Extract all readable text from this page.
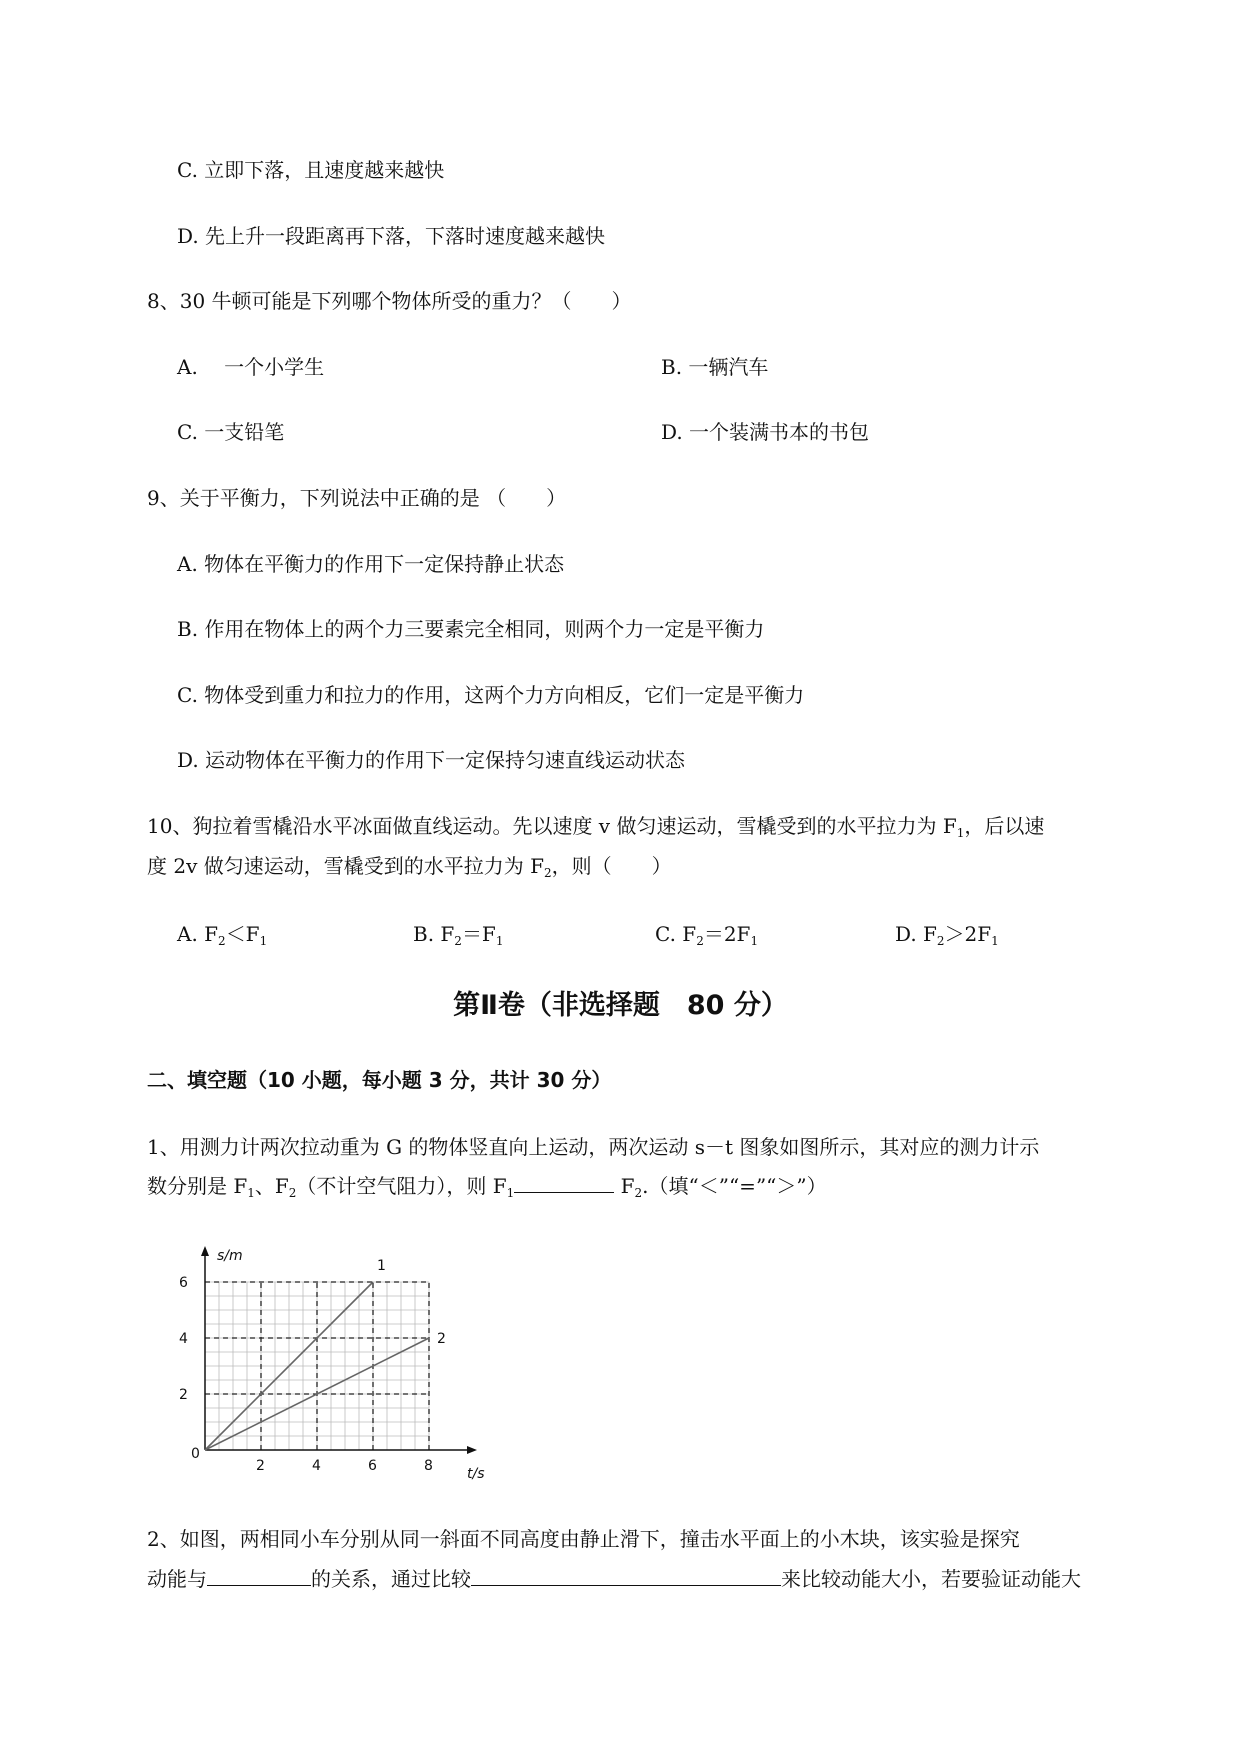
C. 立即下落，且速度越来越快
D. 先上升一段距离再下落，下落时速度越来越快
8、30 牛顿可能是下列哪个物体所受的重力？（　　）
A.　 一个小学生	B. 一辆汽车
C. 一支铅笔	D. 一个装满书本的书包
9、关于平衡力，下列说法中正确的是 （　　）
A. 物体在平衡力的作用下一定保持静止状态
B. 作用在物体上的两个力三要素完全相同，则两个力一定是平衡力
C. 物体受到重力和拉力的作用，这两个力方向相反，它们一定是平衡力
D. 运动物体在平衡力的作用下一定保持匀速直线运动状态
10、狗拉着雪橇沿水平冰面做直线运动。先以速度 v 做匀速运动，雪橇受到的水平拉力为 $F_1$，后以速
度 2v 做匀速运动，雪橇受到的水平拉力为 $F_2$，则（　　）
A. $F_2<F_1$	B. $F_2=F_1$	C. $F_2=2F_1$	D. $F_2>2F_1$
第Ⅱ卷（非选择题　80 分）
二、填空题（10 小题，每小题 3 分，共计 30 分）
1、用测力计两次拉动重为 G 的物体竖直向上运动，两次运动 s－t 图象如图所示，其对应的测力计示
数分别是 $F_1$、$F_2$（不计空气阻力），则 $F_1$	$F_2$.（填“＜”“=”“＞”）
0
2	4	6	8
2
4
6
t/s
s/m
1
2
2、如图，两相同小车分别从同一斜面不同高度由静止滑下，撞击水平面上的小木块，该实验是探究
动能与	的关系，通过比较	来比较动能大小，若要验证动能大
